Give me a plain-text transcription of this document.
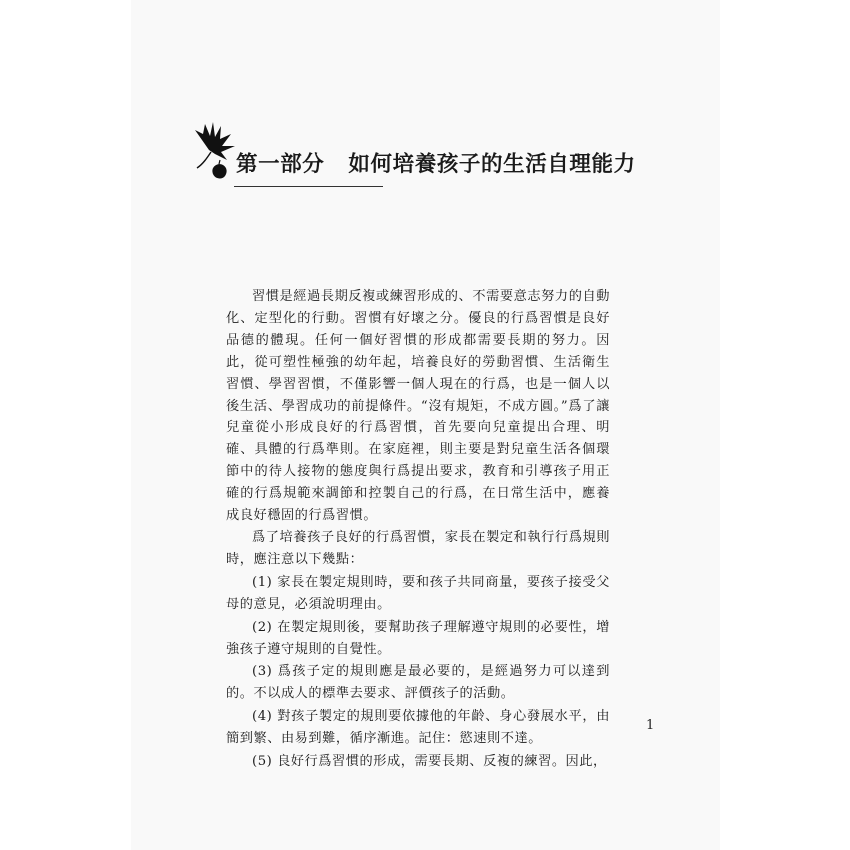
第一部分 如何培養孩子的生活自理能力

習慣是經過長期反複或練習形成的、不需要意志努力的自動化、定型化的行動。習慣有好壞之分。優良的行爲習慣是良好品德的體現。任何一個好習慣的形成都需要長期的努力。因此，從可塑性極強的幼年起，培養良好的勞動習慣、生活衛生習慣、學習習慣，不僅影響一個人現在的行爲，也是一個人以後生活、學習成功的前提條件。“沒有規矩，不成方圓。”爲了讓兒童從小形成良好的行爲習慣，首先要向兒童提出合理、明確、具體的行爲準則。在家庭裡，則主要是對兒童生活各個環節中的待人接物的態度與行爲提出要求，教育和引導孩子用正確的行爲規範來調節和控製自己的行爲，在日常生活中，應養成良好穩固的行爲習慣。

爲了培養孩子良好的行爲習慣，家長在製定和執行行爲規則時，應注意以下幾點：

(1) 家長在製定規則時，要和孩子共同商量，要孩子接受父母的意見，必須說明理由。

(2) 在製定規則後，要幫助孩子理解遵守規則的必要性，增強孩子遵守規則的自覺性。

(3) 爲孩子定的規則應是最必要的，是經過努力可以達到的。不以成人的標準去要求、評價孩子的活動。

(4) 對孩子製定的規則要依據他的年齡、身心發展水平，由簡到繁、由易到難，循序漸進。記住：慾速則不達。

(5) 良好行爲習慣的形成，需要長期、反複的練習。因此，

1
